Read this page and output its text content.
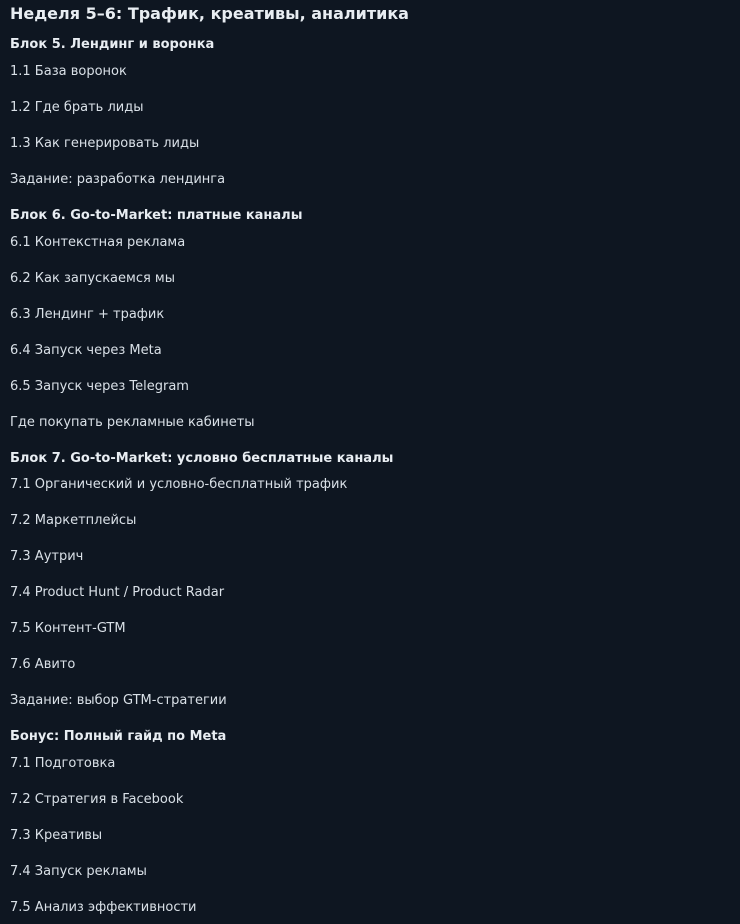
Неделя 5–6: Трафик, креативы, аналитика
Блок 5. Лендинг и воронка
1.1 База воронок
1.2 Где брать лиды
1.3 Как генерировать лиды
Задание: разработка лендинга
Блок 6. Go-to-Market: платные каналы
6.1 Контекстная реклама
6.2 Как запускаемся мы
6.3 Лендинг + трафик
6.4 Запуск через Meta
6.5 Запуск через Telegram
Где покупать рекламные кабинеты
Блок 7. Go-to-Market: условно бесплатные каналы
7.1 Органический и условно-бесплатный трафик
7.2 Маркетплейсы
7.3 Аутрич
7.4 Product Hunt / Product Radar
7.5 Контент-GTM
7.6 Авито
Задание: выбор GTM-стратегии
Бонус: Полный гайд по Meta
7.1 Подготовка
7.2 Стратегия в Facebook
7.3 Креативы
7.4 Запуск рекламы
7.5 Анализ эффективности
